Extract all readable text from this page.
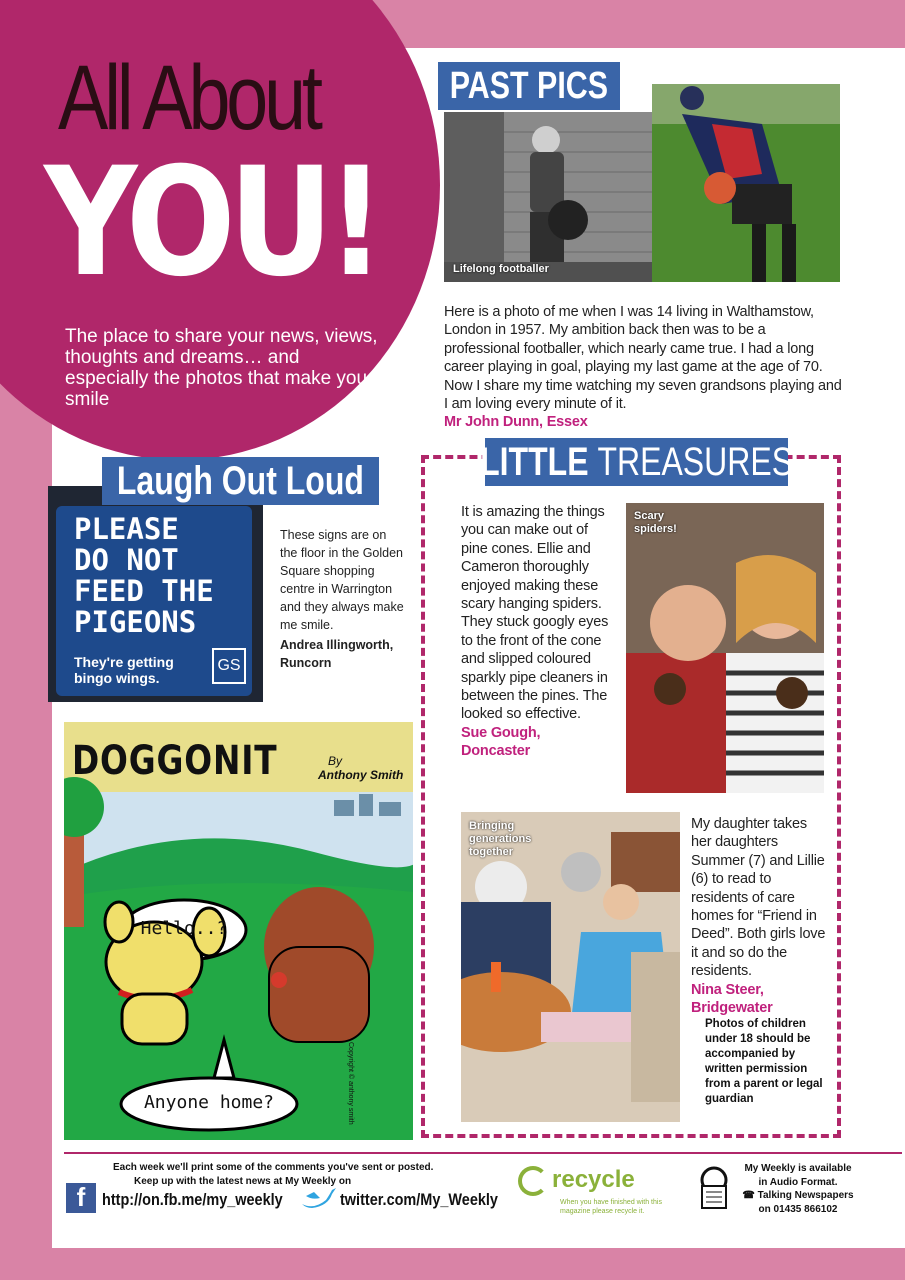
All About
YOU!
The place to share your news, views, thoughts and dreams… and especially the photos that make you smile
PAST PICS
Lifelong footballer
Here is a photo of me when I was 14 living in Walthamstow, London in 1957. My ambition back then was to be a professional footballer, which nearly came true. I had a long career playing in goal, playing my last game at the age of 70. Now I share my time watching my seven grandsons playing and I am loving every minute of it.
Mr John Dunn, Essex
PLEASE
DO NOT
FEED THE
PIGEONS
They're getting bingo wings.
GS
Laugh Out Loud
These signs are on the floor in the Golden Square shopping centre in Warrington and they always make me smile.
Andrea Illingworth,
Runcorn
DOGGONIT	By
Anthony Smith
Hello..?
Anyone home?	Copyright © anthony smith
LITTLE TREASURES
It is amazing the things you can make out of pine cones. Ellie and Cameron thoroughly enjoyed making these scary hanging spiders. They stuck googly eyes to the front of the cone and slipped coloured sparkly pipe cleaners in between the pines. The looked so effective.
Sue Gough,
Doncaster
Scary spiders!
Bringing generations together
My daughter takes her daughters Summer (7) and Lillie (6) to read to residents of care homes for “Friend in Deed”. Both girls love it and so do the residents.
Nina Steer,
Bridgewater
Photos of children under 18 should be accompanied by written permission from a parent or legal guardian
Each week we'll print some of the comments you've sent or posted.
Keep up with the latest news at My Weekly on
f http://on.fb.me/my_weekly	twitter.com/My_Weekly
recycle
When you have finished with this magazine please recycle it.
My Weekly is available
in Audio Format.
☎ Talking Newspapers
on 01435 866102
